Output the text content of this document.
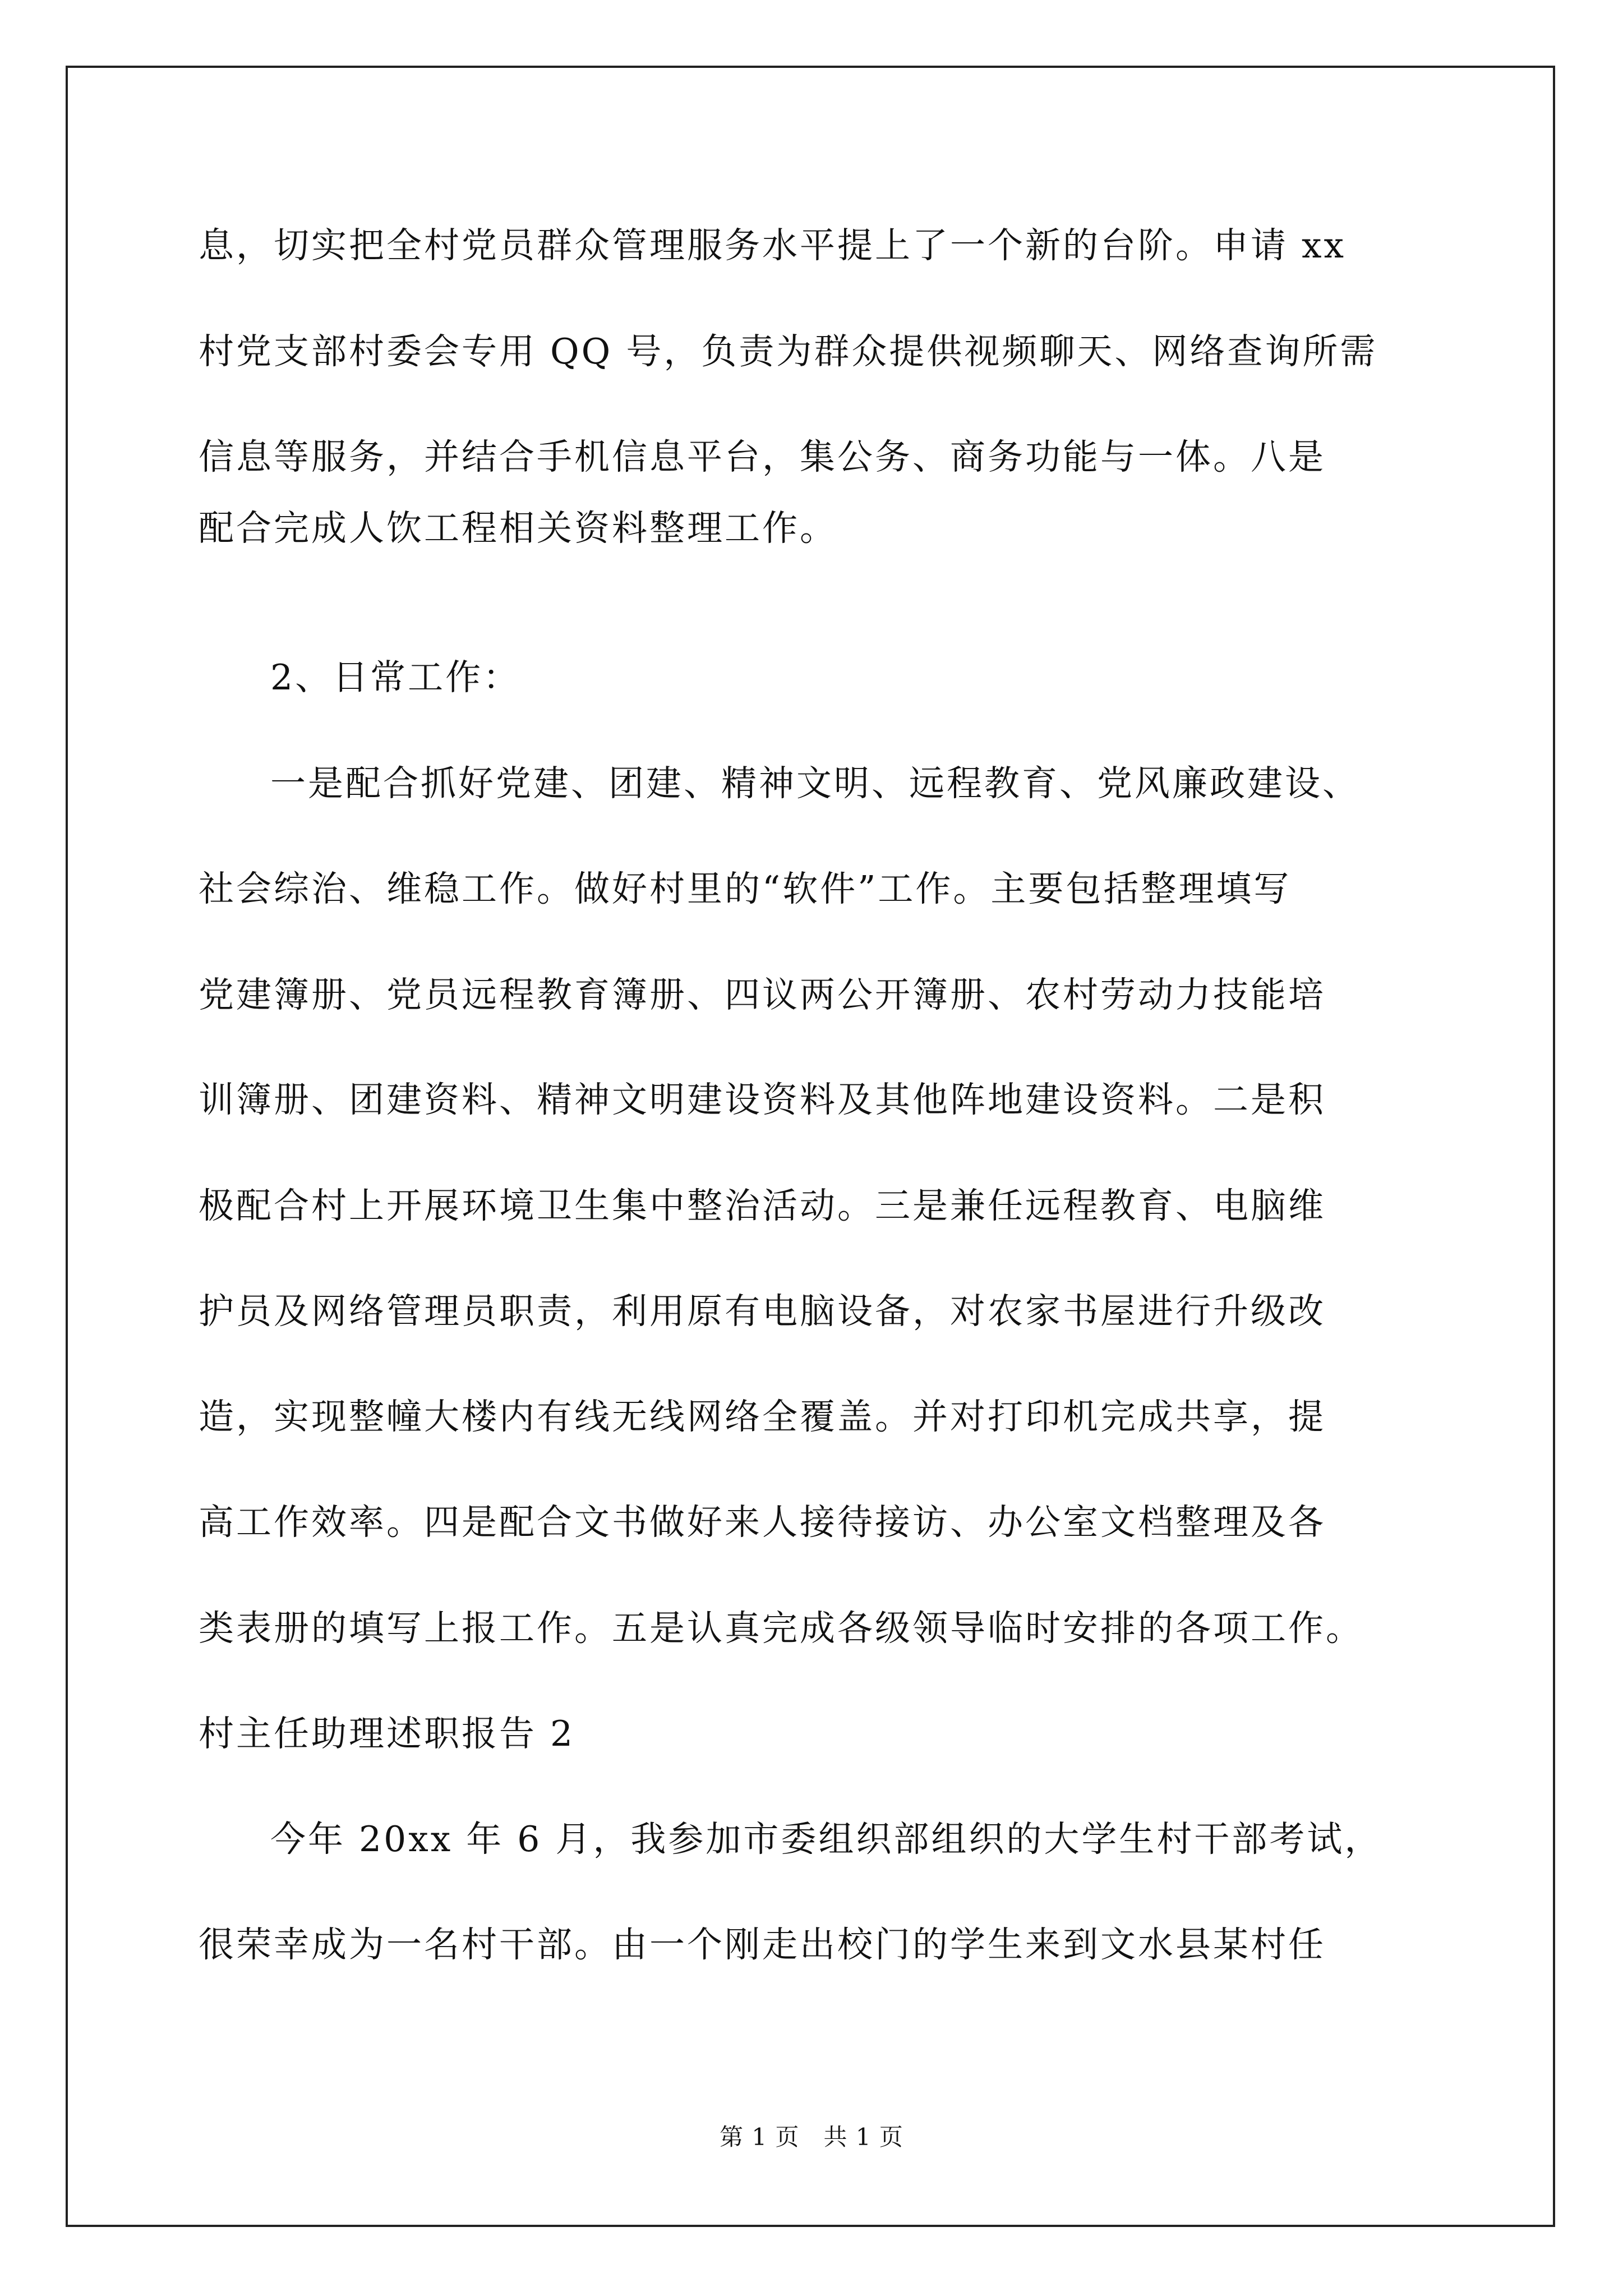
息，切实把全村党员群众管理服务水平提上了一个新的台阶。申请 xx
村党支部村委会专用 QQ 号，负责为群众提供视频聊天、网络查询所需
信息等服务，并结合手机信息平台，集公务、商务功能与一体。八是
配合完成人饮工程相关资料整理工作。
2、日常工作：
一是配合抓好党建、团建、精神文明、远程教育、党风廉政建设、
社会综治、维稳工作。做好村里的“软件”工作。主要包括整理填写
党建簿册、党员远程教育簿册、四议两公开簿册、农村劳动力技能培
训簿册、团建资料、精神文明建设资料及其他阵地建设资料。二是积
极配合村上开展环境卫生集中整治活动。三是兼任远程教育、电脑维
护员及网络管理员职责，利用原有电脑设备，对农家书屋进行升级改
造，实现整幢大楼内有线无线网络全覆盖。并对打印机完成共享，提
高工作效率。四是配合文书做好来人接待接访、办公室文档整理及各
类表册的填写上报工作。五是认真完成各级领导临时安排的各项工作。
村主任助理述职报告 2
今年 20xx 年 6 月，我参加市委组织部组织的大学生村干部考试，
很荣幸成为一名村干部。由一个刚走出校门的学生来到文水县某村任
第 1 页　共 1 页
